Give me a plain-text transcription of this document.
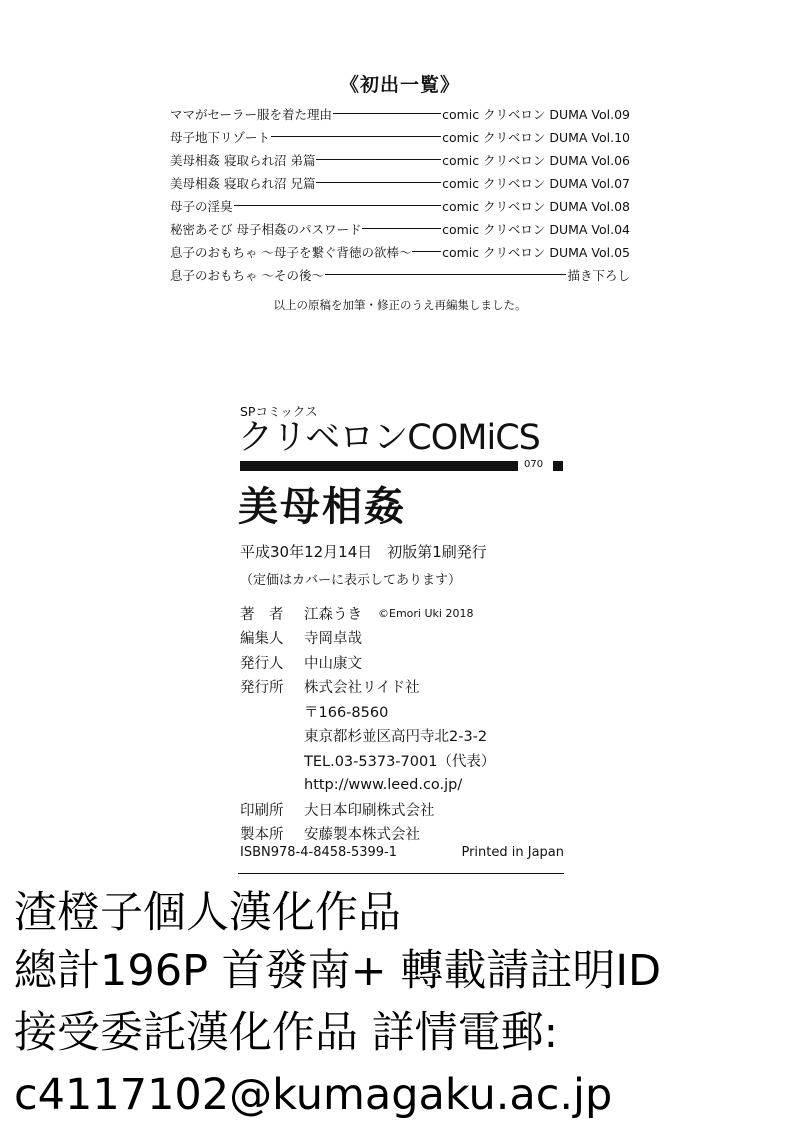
《初出一覧》
ママがセーラー服を着た理由	comic クリベロン DUMA Vol.09
母子地下リゾート	comic クリベロン DUMA Vol.10
美母相姦 寝取られ沼 弟篇	comic クリベロン DUMA Vol.06
美母相姦 寝取られ沼 兄篇	comic クリベロン DUMA Vol.07
母子の淫臭	comic クリベロン DUMA Vol.08
秘密あそび 母子相姦のパスワード	comic クリベロン DUMA Vol.04
息子のおもちゃ ～母子を繋ぐ背徳の欲棒～ comic クリベロン DUMA Vol.05
息子のおもちゃ ～その後～	描き下ろし
以上の原稿を加筆・修正のうえ再編集しました。
SPコミックス
クリベロンCOMiCS
070
美母相姦
平成30年12月14日　初版第1刷発行
（定価はカバーに表示してあります）
著　者	江森うき ©Emori Uki 2018
編集人	寺岡卓哉
発行人	中山康文
発行所	株式会社リイド社
〒166-8560
東京都杉並区高円寺北2-3-2
TEL.03-5373-7001（代表）
http://www.leed.co.jp/
印刷所	大日本印刷株式会社
製本所	安藤製本株式会社
ISBN978-4-8458-5399-1	Printed in Japan
渣橙子個人漢化作品
總計196P 首發南+ 轉載請註明ID
接受委託漢化作品 詳情電郵:
c4117102@kumagaku.ac.jp
